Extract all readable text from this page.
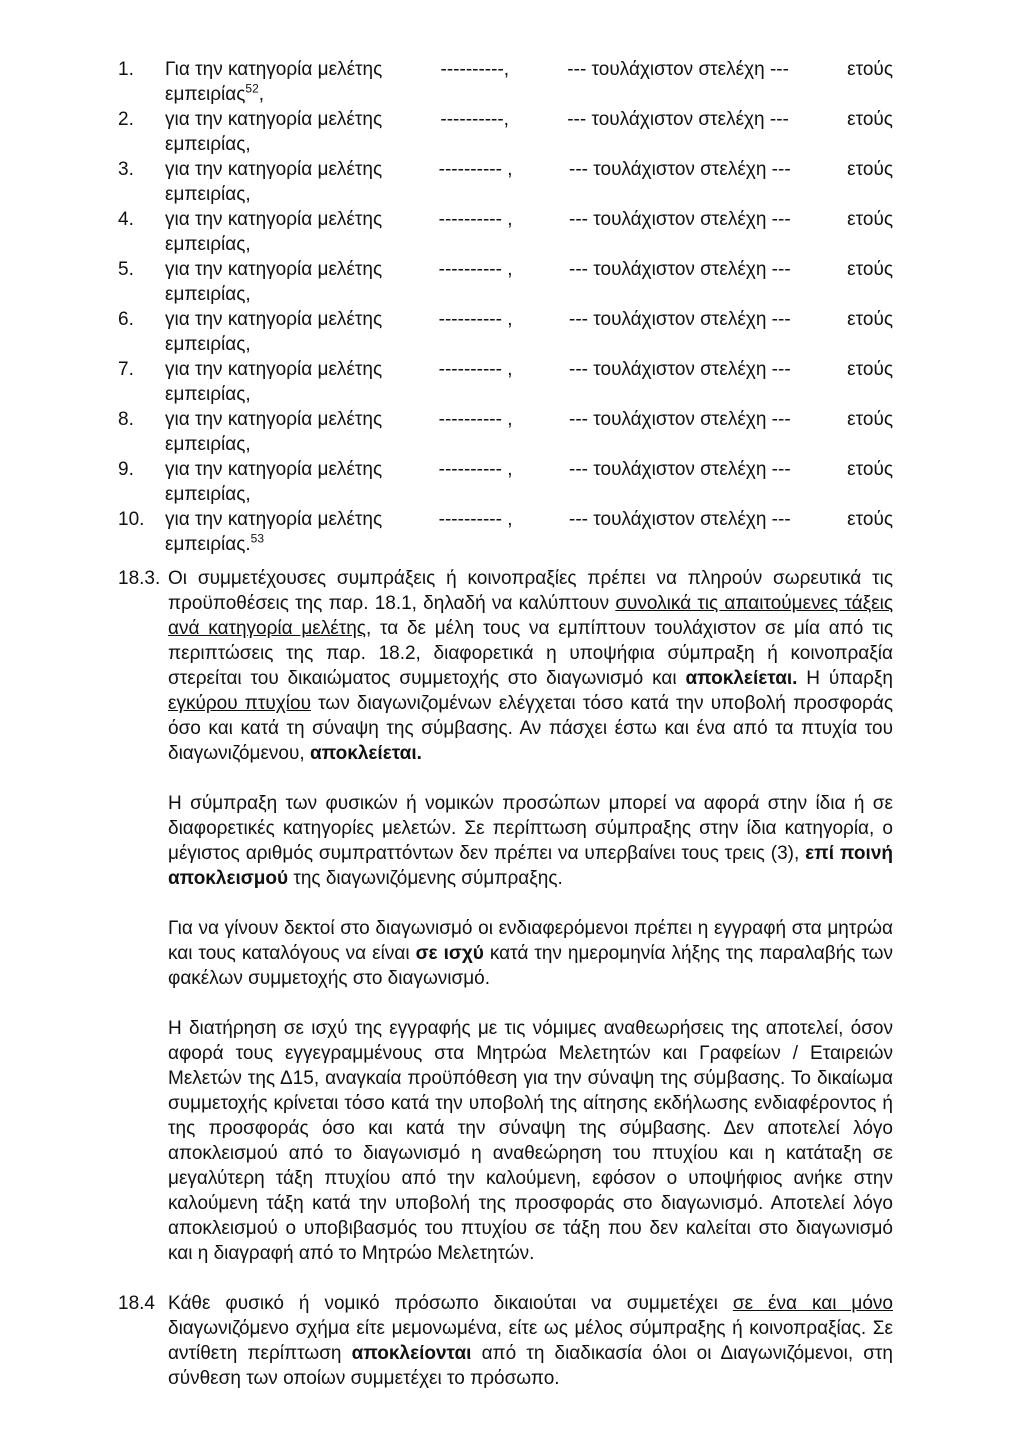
1.	Για την κατηγορία μελέτης	----------,	--- τουλάχιστον στελέχη ---	ετούς
εμπειρίας$^{52}$,
2.	για την κατηγορία μελέτης	----------,	--- τουλάχιστον στελέχη ---	ετούς
εμπειρίας,
3.	για την κατηγορία μελέτης	---------- ,	--- τουλάχιστον στελέχη ---	ετούς
εμπειρίας,
4.	για την κατηγορία μελέτης	---------- ,	--- τουλάχιστον στελέχη ---	ετούς
εμπειρίας,
5.	για την κατηγορία μελέτης	---------- ,	--- τουλάχιστον στελέχη ---	ετούς
εμπειρίας,
6.	για την κατηγορία μελέτης	---------- ,	--- τουλάχιστον στελέχη ---	ετούς
εμπειρίας,
7.	για την κατηγορία μελέτης	---------- ,	--- τουλάχιστον στελέχη ---	ετούς
εμπειρίας,
8.	για την κατηγορία μελέτης	---------- ,	--- τουλάχιστον στελέχη ---	ετούς
εμπειρίας,
9.	για την κατηγορία μελέτης	---------- ,	--- τουλάχιστον στελέχη ---	ετούς
εμπειρίας,
10.	για την κατηγορία μελέτης	---------- ,	--- τουλάχιστον στελέχη ---	ετούς
εμπειρίας.$^{53}$
18.3. Οι συμμετέχουσες συμπράξεις ή κοινοπραξίες πρέπει να πληρούν σωρευτικά τις προϋποθέσεις της παρ. 18.1, δηλαδή να καλύπτουν συνολικά τις απαιτούμενες τάξεις ανά κατηγορία μελέτης, τα δε μέλη τους να εμπίπτουν τουλάχιστον σε μία από τις περιπτώσεις της παρ. 18.2, διαφορετικά η υποψήφια σύμπραξη ή κοινοπραξία στερείται του δικαιώματος συμμετοχής στο διαγωνισμό και αποκλείεται. Η ύπαρξη εγκύρου πτυχίου των διαγωνιζομένων ελέγχεται τόσο κατά την υποβολή προσφοράς όσο και κατά τη σύναψη της σύμβασης. Αν πάσχει έστω και ένα από τα πτυχία του διαγωνιζόμενου, αποκλείεται.

Η σύμπραξη των φυσικών ή νομικών προσώπων μπορεί να αφορά στην ίδια ή σε διαφορετικές κατηγορίες μελετών. Σε περίπτωση σύμπραξης στην ίδια κατηγορία, ο μέγιστος αριθμός συμπραττόντων δεν πρέπει να υπερβαίνει τους τρεις (3), επί ποινή αποκλεισμού της διαγωνιζόμενης σύμπραξης.

Για να γίνουν δεκτοί στο διαγωνισμό οι ενδιαφερόμενοι πρέπει η εγγραφή στα μητρώα και τους καταλόγους να είναι σε ισχύ κατά την ημερομηνία λήξης της παραλαβής των φακέλων συμμετοχής στο διαγωνισμό.

Η διατήρηση σε ισχύ της εγγραφής με τις νόμιμες αναθεωρήσεις της αποτελεί, όσον αφορά τους εγγεγραμμένους στα Μητρώα Μελετητών και Γραφείων / Εταιρειών Μελετών της Δ15, αναγκαία προϋπόθεση για την σύναψη της σύμβασης. Το δικαίωμα συμμετοχής κρίνεται τόσο κατά την υποβολή της αίτησης εκδήλωσης ενδιαφέροντος ή της προσφοράς όσο και κατά την σύναψη της σύμβασης. Δεν αποτελεί λόγο αποκλεισμού από το διαγωνισμό η αναθεώρηση του πτυχίου και η κατάταξη σε μεγαλύτερη τάξη πτυχίου από την καλούμενη, εφόσον ο υποψήφιος ανήκε στην καλούμενη τάξη κατά την υποβολή της προσφοράς στο διαγωνισμό. Αποτελεί λόγο αποκλεισμού ο υποβιβασμός του πτυχίου σε τάξη που δεν καλείται στο διαγωνισμό και η διαγραφή από το Μητρώο Μελετητών.

18.4 Κάθε φυσικό ή νομικό πρόσωπο δικαιούται να συμμετέχει σε ένα και μόνο διαγωνιζόμενο σχήμα είτε μεμονωμένα, είτε ως μέλος σύμπραξης ή κοινοπραξίας. Σε αντίθετη περίπτωση αποκλείονται από τη διαδικασία όλοι οι Διαγωνιζόμενοι, στη σύνθεση των οποίων συμμετέχει το πρόσωπο.
